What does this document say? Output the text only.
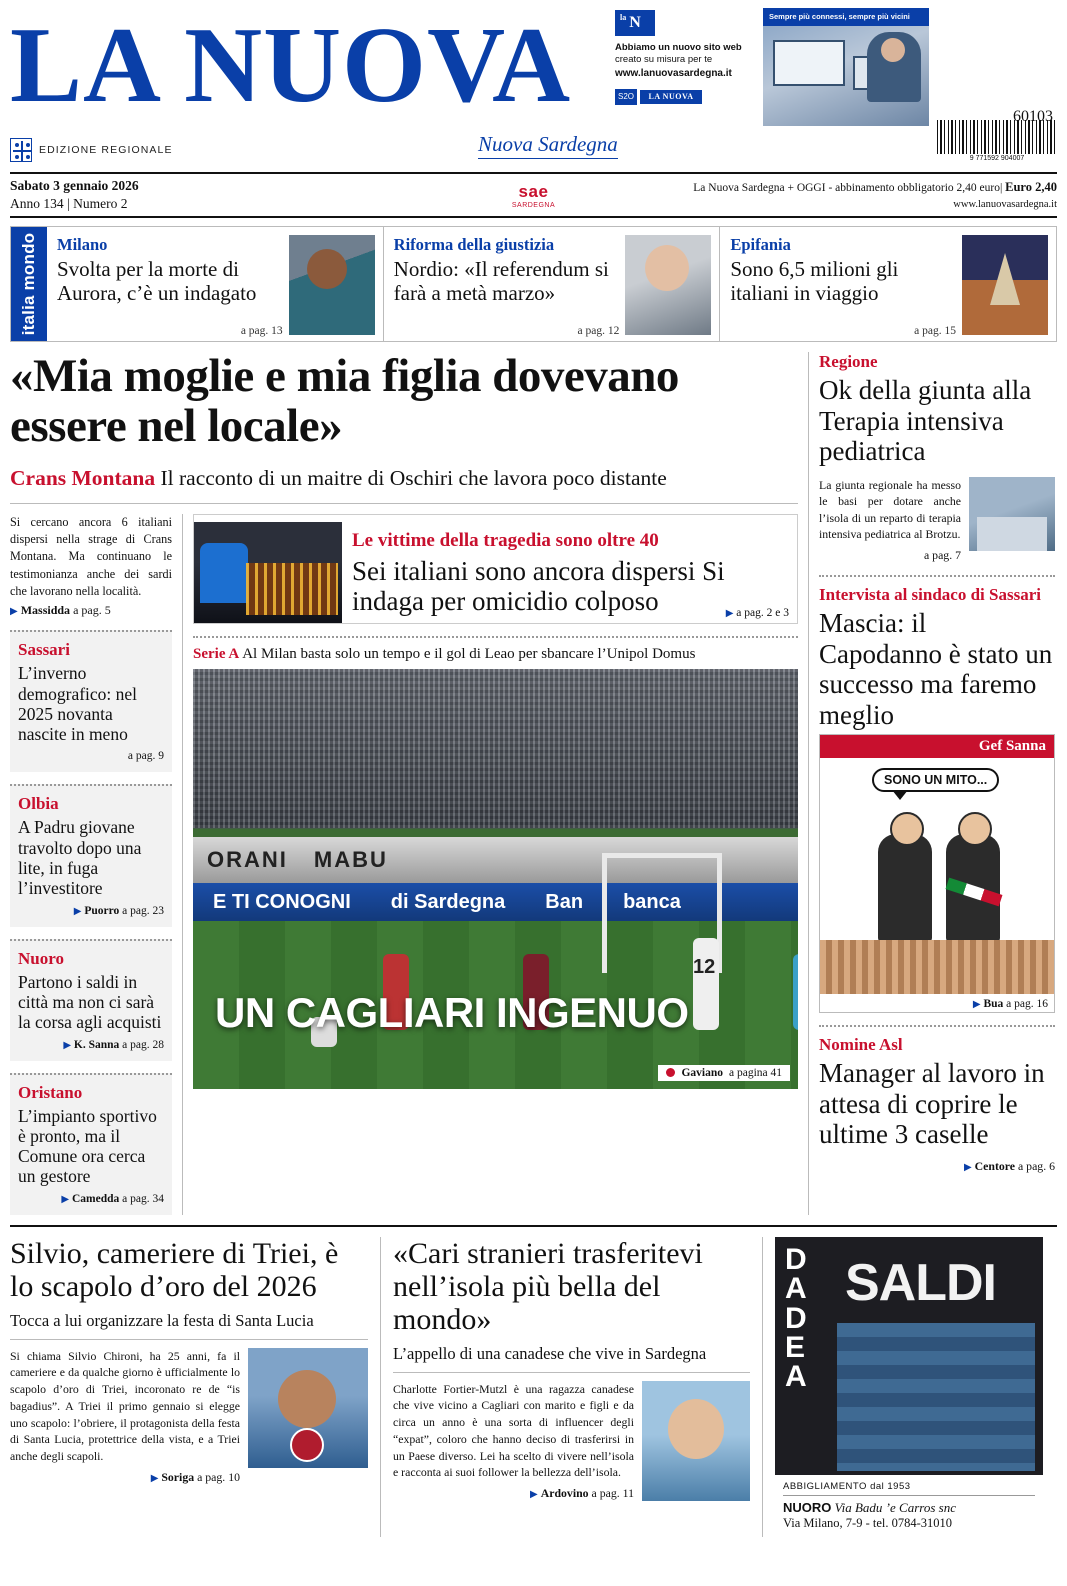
LA NUOVA
Nuova Sardegna
EDIZIONE REGIONALE
la N
Abbiamo un nuovo sito web
creato su misura per te
www.lanuovasardegna.it
S2O	LA NUOVA
Sempre più connessi, sempre più vicini
9 771592 904007
60103
Sabato 3 gennaio 2026
Anno 134 | Numero 2
sae
SARDEGNA
La Nuova Sardegna + OGGI - abbinamento obbligatorio 2,40 euro| Euro 2,40
www.lanuovasardegna.it
italia mondo Milano
Svolta per la morte di Aurora, c’è un indagato
a pag. 13
Riforma della giustizia
Nordio: «Il referendum si farà a metà marzo»
a pag. 12
Epifania
Sono 6,5 milioni gli italiani in viaggio
a pag. 15
«Mia moglie e mia figlia dovevano essere nel locale»
Crans Montana Il racconto di un maitre di Oschiri che lavora poco distante
Si cercano ancora 6 italiani dispersi nella strage di Crans Montana. Ma continuano le testimonianza anche dei sardi che lavorano nella località.
▶ Massidda a pag. 5
Sassari
L’inverno demografico: nel 2025 novanta nascite in meno
a pag. 9
Olbia
A Padru giovane travolto dopo una lite, in fuga l’investitore
▶ Puorro a pag. 23
Nuoro
Partono i saldi in città ma non ci sarà la corsa agli acquisti
▶ K. Sanna a pag. 28
Oristano
L’impianto sportivo è pronto, ma il Comune ora cerca un gestore
▶ Camedda a pag. 34
Le vittime della tragedia sono oltre 40
Sei italiani sono ancora dispersi Si indaga per omicidio colposo	▶ a pag. 2 e 3
Serie A Al Milan basta solo un tempo e il gol di Leao per sbancare l’Unipol Domus
ORANI MABU
E TI CONOGNI di Sardegna Ban banca
12
UN CAGLIARI INGENUO
Gaviano a pagina 41
Regione
Ok della giunta alla Terapia intensiva pediatrica
La giunta regionale ha messo le basi per dotare anche l’isola di un reparto di terapia intensiva pediatrica al Brotzu.
a pag. 7
Intervista al sindaco di Sassari
Mascia: il Capodanno è stato un successo ma faremo meglio
Gef Sanna
SONO UN MITO...
▶ Bua a pag. 16
Nomine Asl
Manager al lavoro in attesa di coprire le ultime 3 caselle
▶ Centore a pag. 6
Silvio, cameriere di Triei, è lo scapolo d’oro del 2026
Tocca a lui organizzare la festa di Santa Lucia
Si chiama Silvio Chironi, ha 25 anni, fa il cameriere e da qualche giorno è ufficialmente lo scapolo d’oro di Triei, incoronato re de “is bagadius”. A Triei il primo gennaio si elegge uno scapolo: l’obriere, il protagonista della festa di Santa Lucia, protettrice della vista, e a Triei anche degli scapoli.
▶ Soriga a pag. 10
«Cari stranieri trasferitevi nell’isola più bella del mondo»
L’appello di una canadese che vive in Sardegna
Charlotte Fortier-Mutzl è una ragazza canadese che vive vicino a Cagliari con marito e figli e da circa un anno è una sorta di influencer degli “expat”, coloro che hanno deciso di trasferirsi in un Paese diverso. Lei ha scelto di vivere nell’isola e racconta ai suoi follower la bellezza dell’isola.
▶ Ardovino a pag. 11
D
A
D
E
A
SALDI
ABBIGLIAMENTO dal 1953
NUORO Via Badu ’e Carros snc
Via Milano, 7-9 - tel. 0784-31010
